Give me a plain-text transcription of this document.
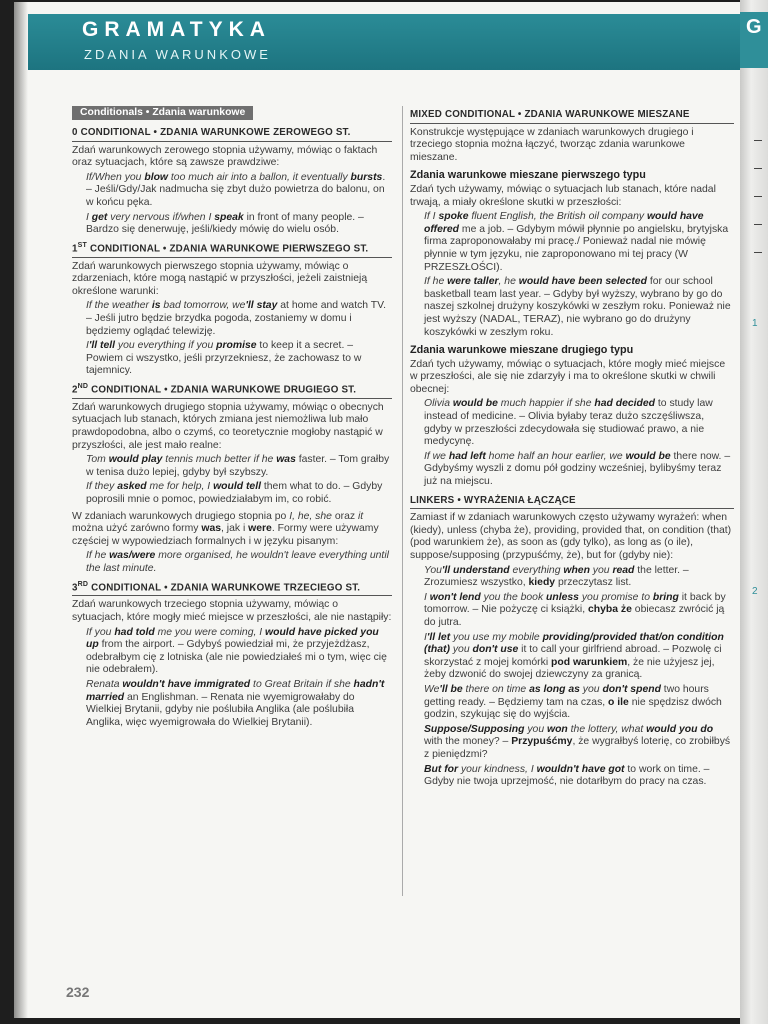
GRAMATYKA
ZDANIA WARUNKOWE
Conditionals • Zdania warunkowe
0 CONDITIONAL • ZDANIA WARUNKOWE ZEROWEGO ST.
Zdań warunkowych zerowego stopnia używamy, mówiąc o faktach oraz sytuacjach, które są zawsze prawdziwe:
If/When you blow too much air into a ballon, it eventually bursts. – Jeśli/Gdy/Jak nadmucha się zbyt dużo powietrza do balonu, on w końcu pęka.
I get very nervous if/when I speak in front of many people. – Bardzo się denerwuję, jeśli/kiedy mówię do wielu osób.
1ST CONDITIONAL • ZDANIA WARUNKOWE PIERWSZEGO ST.
Zdań warunkowych pierwszego stopnia używamy, mówiąc o zdarzeniach, które mogą nastąpić w przyszłości, jeżeli zaistnieją określone warunki:
If the weather is bad tomorrow, we'll stay at home and watch TV. – Jeśli jutro będzie brzydka pogoda, zostaniemy w domu i będziemy oglądać telewizję.
I'll tell you everything if you promise to keep it a secret. – Powiem ci wszystko, jeśli przyrzekniesz, że zachowasz to w tajemnicy.
2ND CONDITIONAL • ZDANIA WARUNKOWE DRUGIEGO ST.
Zdań warunkowych drugiego stopnia używamy, mówiąc o obecnych sytuacjach lub stanach, których zmiana jest niemożliwa lub mało prawdopodobna, albo o czymś, co teoretycznie mogłoby nastąpić w przyszłości, ale jest mało realne:
Tom would play tennis much better if he was faster. – Tom grałby w tenisa dużo lepiej, gdyby był szybszy.
If they asked me for help, I would tell them what to do. – Gdyby poprosili mnie o pomoc, powiedziałabym im, co robić.
W zdaniach warunkowych drugiego stopnia po I, he, she oraz it można użyć zarówno formy was, jak i were. Formy were używamy częściej w wypowiedziach formalnych i w języku pisanym:
If he was/were more organised, he wouldn't leave everything until the last minute.
3RD CONDITIONAL • ZDANIA WARUNKOWE TRZECIEGO ST.
Zdań warunkowych trzeciego stopnia używamy, mówiąc o sytuacjach, które mogły mieć miejsce w przeszłości, ale nie nastąpiły:
If you had told me you were coming, I would have picked you up from the airport. – Gdybyś powiedział mi, że przyjeżdżasz, odebrałbym cię z lotniska (ale nie powiedziałeś mi o tym, więc cię nie odebrałem).
Renata wouldn't have immigrated to Great Britain if she hadn't married an Englishman. – Renata nie wyemigrowałaby do Wielkiej Brytanii, gdyby nie poślubiła Anglika (ale poślubiła Anglika, więc wyemigrowała do Wielkiej Brytanii).
MIXED CONDITIONAL • ZDANIA WARUNKOWE MIESZANE
Konstrukcje występujące w zdaniach warunkowych drugiego i trzeciego stopnia można łączyć, tworząc zdania warunkowe mieszane.
Zdania warunkowe mieszane pierwszego typu
Zdań tych używamy, mówiąc o sytuacjach lub stanach, które nadal trwają, a miały określone skutki w przeszłości:
If I spoke fluent English, the British oil company would have offered me a job. – Gdybym mówił płynnie po angielsku, brytyjska firma zaproponowałaby mi pracę./ Ponieważ nadal nie mówię płynnie w tym języku, nie zaproponowano mi tej pracy (W PRZESZŁOŚCI).
If he were taller, he would have been selected for our school basketball team last year. – Gdyby był wyższy, wybrano by go do naszej szkolnej drużyny koszykówki w zeszłym roku. Ponieważ nie jest wyższy (NADAL, TERAZ), nie wybrano go do drużyny koszykówki w zeszłym roku.
Zdania warunkowe mieszane drugiego typu
Zdań tych używamy, mówiąc o sytuacjach, które mogły mieć miejsce w przeszłości, ale się nie zdarzyły i ma to określone skutki w chwili obecnej:
Olivia would be much happier if she had decided to study law instead of medicine. – Olivia byłaby teraz dużo szczęśliwsza, gdyby w przeszłości zdecydowała się studiować prawo, a nie medycynę.
If we had left home half an hour earlier, we would be there now. – Gdybyśmy wyszli z domu pół godziny wcześniej, bylibyśmy teraz już na miejscu.
LINKERS • WYRAŻENIA ŁĄCZĄCE
Zamiast if w zdaniach warunkowych często używamy wyrażeń: when (kiedy), unless (chyba że), providing, provided that, on condition (that) (pod warunkiem że), as soon as (gdy tylko), as long as (o ile), suppose/supposing (przypuśćmy, że), but for (gdyby nie):
You'll understand everything when you read the letter. – Zrozumiesz wszystko, kiedy przeczytasz list.
I won't lend you the book unless you promise to bring it back by tomorrow. – Nie pożyczę ci książki, chyba że obiecasz zwrócić ją do jutra.
I'll let you use my mobile providing/provided that/on condition (that) you don't use it to call your girlfriend abroad. – Pozwolę ci skorzystać z mojej komórki pod warunkiem, że nie użyjesz jej, żeby dzwonić do swojej dziewczyny za granicą.
We'll be there on time as long as you don't spend two hours getting ready. – Będziemy tam na czas, o ile nie spędzisz dwóch godzin, szykując się do wyjścia.
Suppose/Supposing you won the lottery, what would you do with the money? – Przypuśćmy, że wygrałbyś loterię, co zrobiłbyś z pieniędzmi?
But for your kindness, I wouldn't have got to work on time. – Gdyby nie twoja uprzejmość, nie dotarłbym do pracy na czas.
232
G
1
2
